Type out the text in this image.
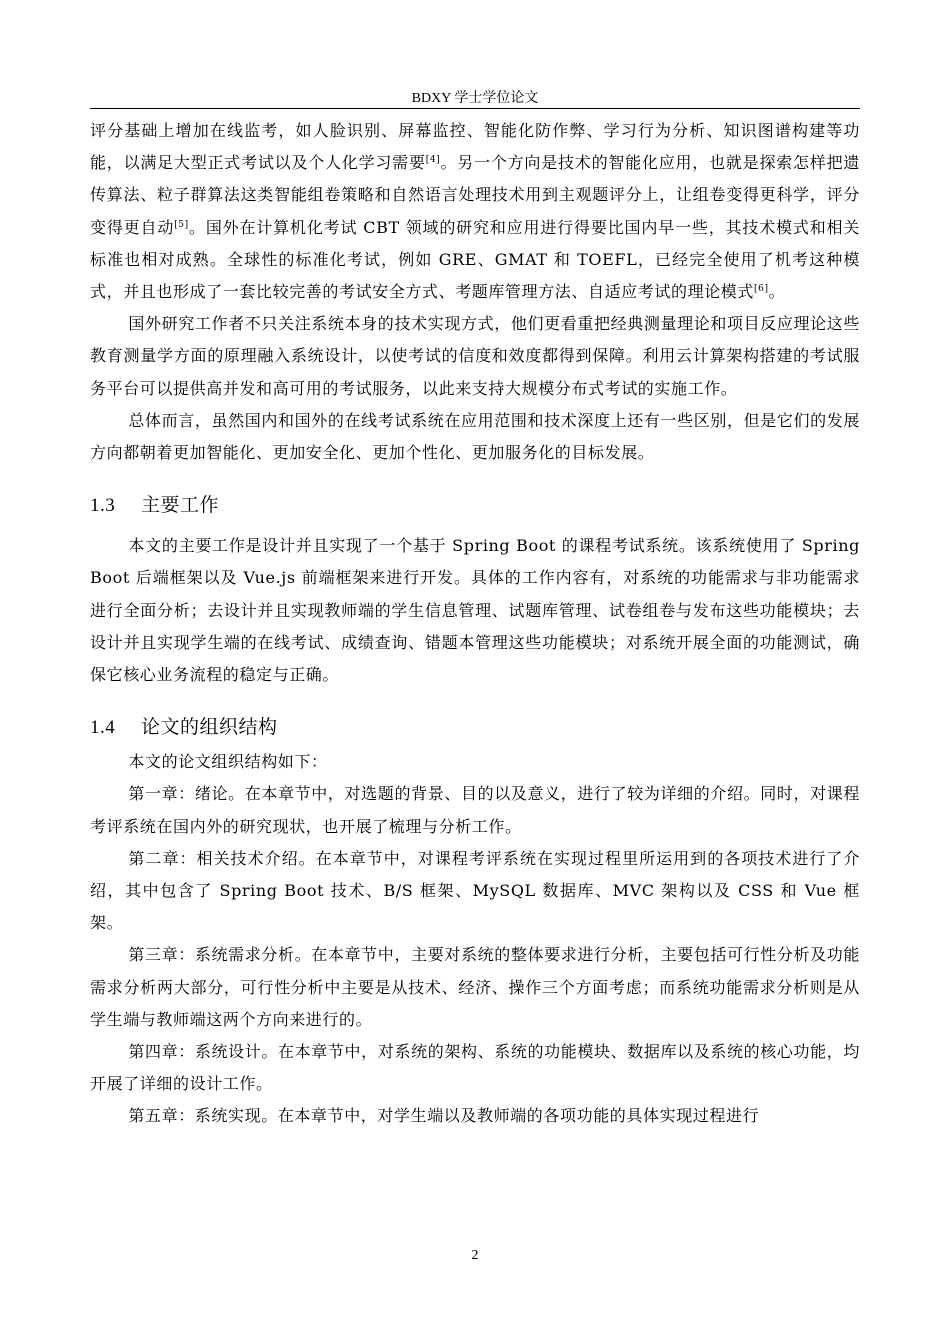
BDXY 学士学位论文

评分基础上增加在线监考，如人脸识别、屏幕监控、智能化防作弊、学习行为分析、知识图谱构建等功能，以满足大型正式考试以及个人化学习需要[4]。另一个方向是技术的智能化应用，也就是探索怎样把遗传算法、粒子群算法这类智能组卷策略和自然语言处理技术用到主观题评分上，让组卷变得更科学，评分变得更自动[5]。国外在计算机化考试 CBT 领域的研究和应用进行得要比国内早一些，其技术模式和相关标准也相对成熟。全球性的标准化考试，例如 GRE、GMAT 和 TOEFL，已经完全使用了机考这种模式，并且也形成了一套比较完善的考试安全方式、考题库管理方法、自适应考试的理论模式[6]。

国外研究工作者不只关注系统本身的技术实现方式，他们更看重把经典测量理论和项目反应理论这些教育测量学方面的原理融入系统设计，以使考试的信度和效度都得到保障。利用云计算架构搭建的考试服务平台可以提供高并发和高可用的考试服务，以此来支持大规模分布式考试的实施工作。

总体而言，虽然国内和国外的在线考试系统在应用范围和技术深度上还有一些区别，但是它们的发展方向都朝着更加智能化、更加安全化、更加个性化、更加服务化的目标发展。

1.3 主要工作

本文的主要工作是设计并且实现了一个基于 Spring Boot 的课程考试系统。该系统使用了 Spring Boot 后端框架以及 Vue.js 前端框架来进行开发。具体的工作内容有，对系统的功能需求与非功能需求进行全面分析；去设计并且实现教师端的学生信息管理、试题库管理、试卷组卷与发布这些功能模块；去设计并且实现学生端的在线考试、成绩查询、错题本管理这些功能模块；对系统开展全面的功能测试，确保它核心业务流程的稳定与正确。

1.4 论文的组织结构

本文的论文组织结构如下：

第一章：绪论。在本章节中，对选题的背景、目的以及意义，进行了较为详细的介绍。同时，对课程考评系统在国内外的研究现状，也开展了梳理与分析工作。

第二章：相关技术介绍。在本章节中，对课程考评系统在实现过程里所运用到的各项技术进行了介绍，其中包含了 Spring Boot 技术、B/S 框架、MySQL 数据库、MVC 架构以及 CSS 和 Vue 框架。

第三章：系统需求分析。在本章节中，主要对系统的整体要求进行分析，主要包括可行性分析及功能需求分析两大部分，可行性分析中主要是从技术、经济、操作三个方面考虑；而系统功能需求分析则是从学生端与教师端这两个方向来进行的。

第四章：系统设计。在本章节中，对系统的架构、系统的功能模块、数据库以及系统的核心功能，均开展了详细的设计工作。

第五章：系统实现。在本章节中，对学生端以及教师端的各项功能的具体实现过程进行

2
